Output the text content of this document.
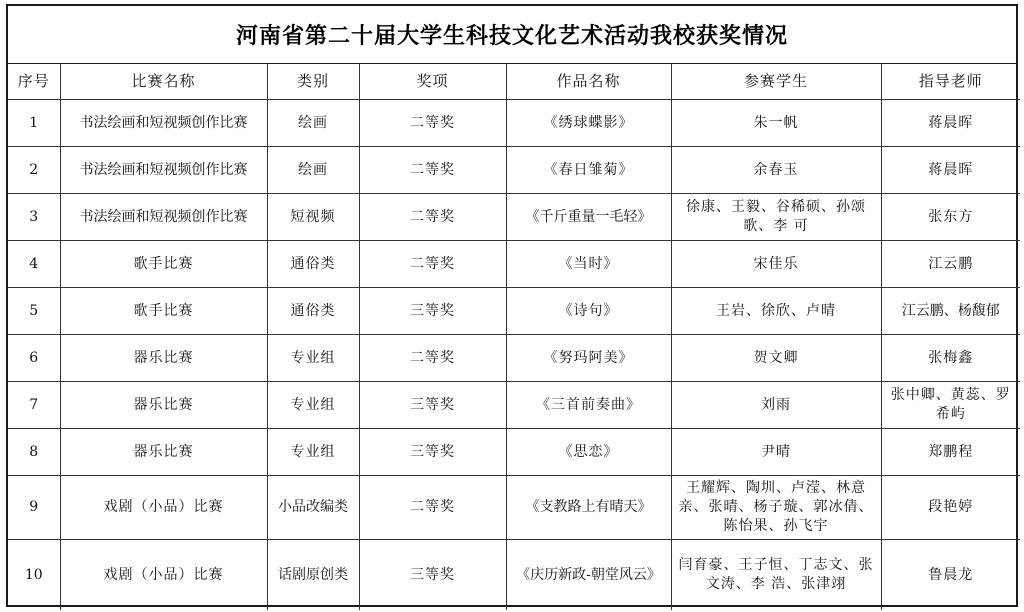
河南省第二十届大学生科技文化艺术活动我校获奖情况
序号	比赛名称	类别	奖项	作品名称	参赛学生	指导老师
1	书法绘画和短视频创作比赛	绘画	二等奖	《绣球蝶影》	朱一帆	蒋晨晖
2	书法绘画和短视频创作比赛	绘画	二等奖	《春日雏菊》	余春玉	蒋晨晖
3	书法绘画和短视频创作比赛	短视频	二等奖	《千斤重量一毛轻》	徐康、王毅、谷稀硕、孙颂歌、李 可	张东方
4	歌手比赛	通俗类	二等奖	《当时》	宋佳乐	江云鹏
5	歌手比赛	通俗类	三等奖	《诗句》	王岩、徐欣、卢晴	江云鹏、杨馥郁
6	器乐比赛	专业组	二等奖	《努玛阿美》	贺文卿	张梅鑫
7	器乐比赛	专业组	三等奖	《三首前奏曲》	刘雨	张中卿、黄蕊、罗希屿
8	器乐比赛	专业组	三等奖	《思恋》	尹晴	郑鹏程
9	戏剧（小品）比赛	小品改编类	二等奖	《支教路上有晴天》	王耀辉、陶圳、卢滢、林意亲、张晴、杨子璇、郭冰倩、陈怡果、孙飞宇	段艳婷
10	戏剧（小品）比赛	话剧原创类	三等奖	《庆历新政-朝堂风云》	闫育豪、王子恒、丁志文、张文涛、李 浩、张津翊	鲁晨龙
